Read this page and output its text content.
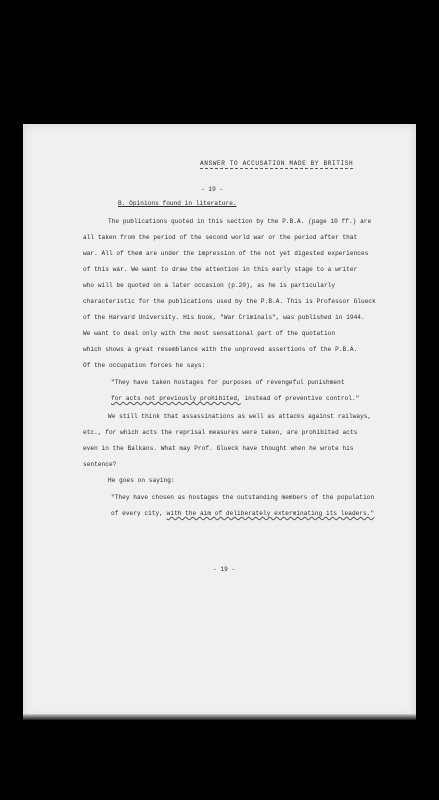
ANSWER TO ACCUSATION MADE BY BRITISH
- 19 -
B. Opinions found in literature.
The publications quoted in this section by the P.B.A. (page 10 ff.) are
all taken from the period of the second world war or the period after that
war. All of them are under the impression of the not yet digested experiences
of this war. We want to draw the attention in this early stage to a writer
who will be quoted on a later occasion (p.20), as he is particularly
characteristic for the publications used by the P.B.A. This is Professor Glueck
of the Harvard University. His book, "War Criminals", was published in 1944.
We want to deal only with the most sensational part of the quotation
which shows a great resemblance with the unproved assertions of the P.B.A.
Of the occupation forces he says:
"They have taken hostages for purposes of revengeful punishment
for acts not previously prohibited, instead of preventive control."
We still think that assassinations as well as attacks against railways,
etc., for which acts the reprisal measures were taken, are prohibited acts
even in the Balkans. What may Prof. Glueck have thought when he wrote his
sentence?
He goes on saying:
"They have chosen as hostages the outstanding members of the population
of every city, with the aim of deliberately exterminating its leaders."
- 19 -
